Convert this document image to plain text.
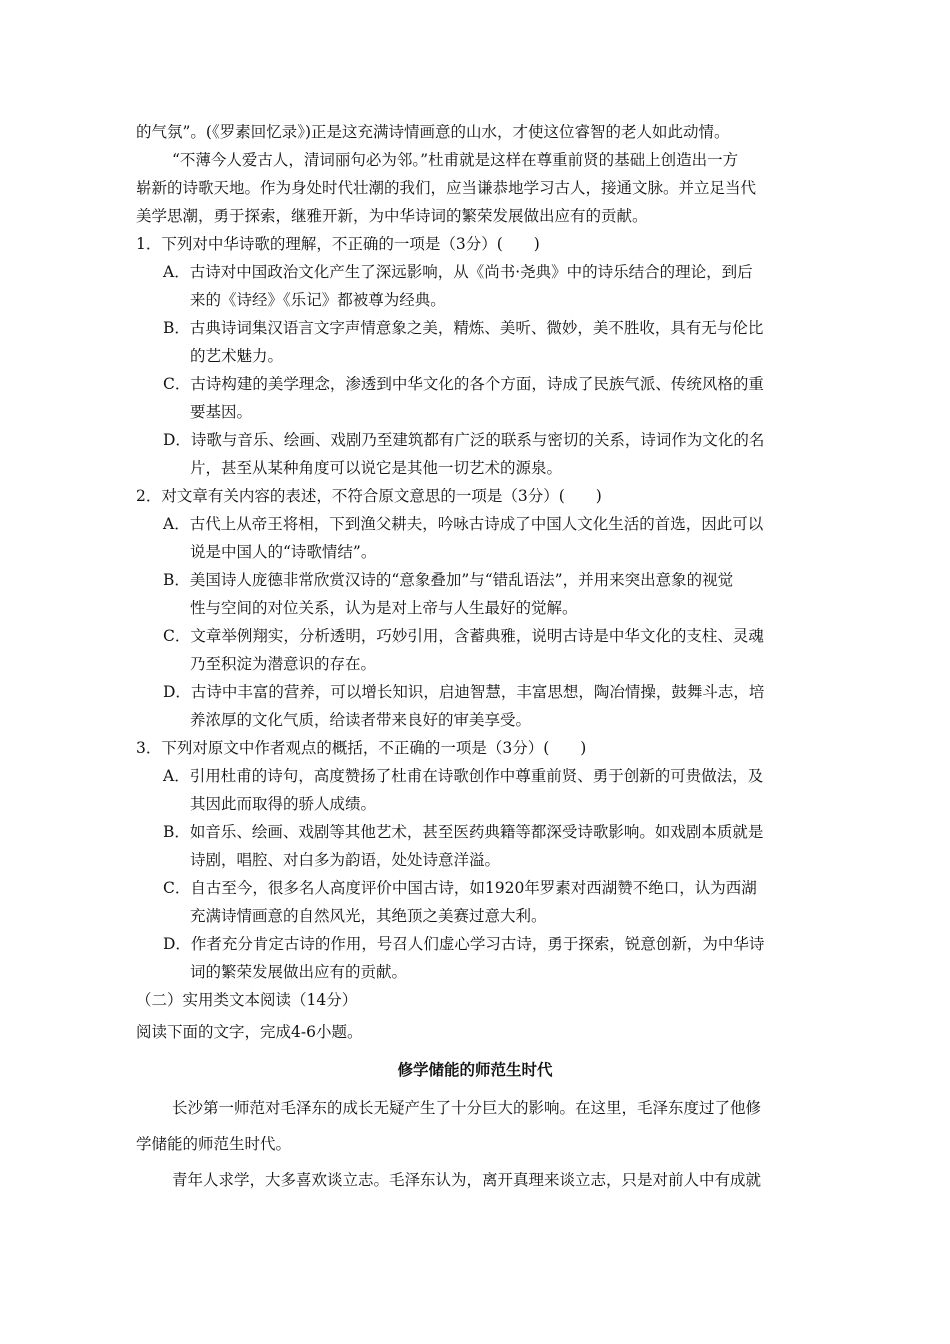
的气氛”。(《罗素回忆录》)正是这充满诗情画意的山水，才使这位睿智的老人如此动情。
“不薄今人爱古人，清词丽句必为邻。”杜甫就是这样在尊重前贤的基础上创造出一方
崭新的诗歌天地。作为身处时代壮潮的我们，应当谦恭地学习古人，接通文脉。并立足当代
美学思潮，勇于探索，继雅开新，为中华诗词的繁荣发展做出应有的贡献。
1．下列对中华诗歌的理解，不正确的一项是（3分）(　　)
A．古诗对中国政治文化产生了深远影响，从《尚书·尧典》中的诗乐结合的理论，到后
来的《诗经》《乐记》都被尊为经典。
B．古典诗词集汉语言文字声情意象之美，精炼、美听、微妙，美不胜收，具有无与伦比
的艺术魅力。
C．古诗构建的美学理念，渗透到中华文化的各个方面，诗成了民族气派、传统风格的重
要基因。
D．诗歌与音乐、绘画、戏剧乃至建筑都有广泛的联系与密切的关系，诗词作为文化的名
片，甚至从某种角度可以说它是其他一切艺术的源泉。
2．对文章有关内容的表述，不符合原文意思的一项是（3分）(　　)
A．古代上从帝王将相，下到渔父耕夫，吟咏古诗成了中国人文化生活的首选，因此可以
说是中国人的“诗歌情结”。
B．美国诗人庞德非常欣赏汉诗的“意象叠加”与“错乱语法”，并用来突出意象的视觉
性与空间的对位关系，认为是对上帝与人生最好的觉解。
C．文章举例翔实，分析透明，巧妙引用，含蓄典雅，说明古诗是中华文化的支柱、灵魂
乃至积淀为潜意识的存在。
D．古诗中丰富的营养，可以增长知识，启迪智慧，丰富思想，陶冶情操，鼓舞斗志，培
养浓厚的文化气质，给读者带来良好的审美享受。
3．下列对原文中作者观点的概括，不正确的一项是（3分）(　　)
A．引用杜甫的诗句，高度赞扬了杜甫在诗歌创作中尊重前贤、勇于创新的可贵做法，及
其因此而取得的骄人成绩。
B．如音乐、绘画、戏剧等其他艺术，甚至医药典籍等都深受诗歌影响。如戏剧本质就是
诗剧，唱腔、对白多为韵语，处处诗意洋溢。
C．自古至今，很多名人高度评价中国古诗，如1920年罗素对西湖赞不绝口，认为西湖
充满诗情画意的自然风光，其绝顶之美赛过意大利。
D．作者充分肯定古诗的作用，号召人们虚心学习古诗，勇于探索，锐意创新，为中华诗
词的繁荣发展做出应有的贡献。
（二）实用类文本阅读（14分）
阅读下面的文字，完成4-6小题。
修学储能的师范生时代
长沙第一师范对毛泽东的成长无疑产生了十分巨大的影响。在这里，毛泽东度过了他修
学储能的师范生时代。
青年人求学，大多喜欢谈立志。毛泽东认为，离开真理来谈立志，只是对前人中有成就
